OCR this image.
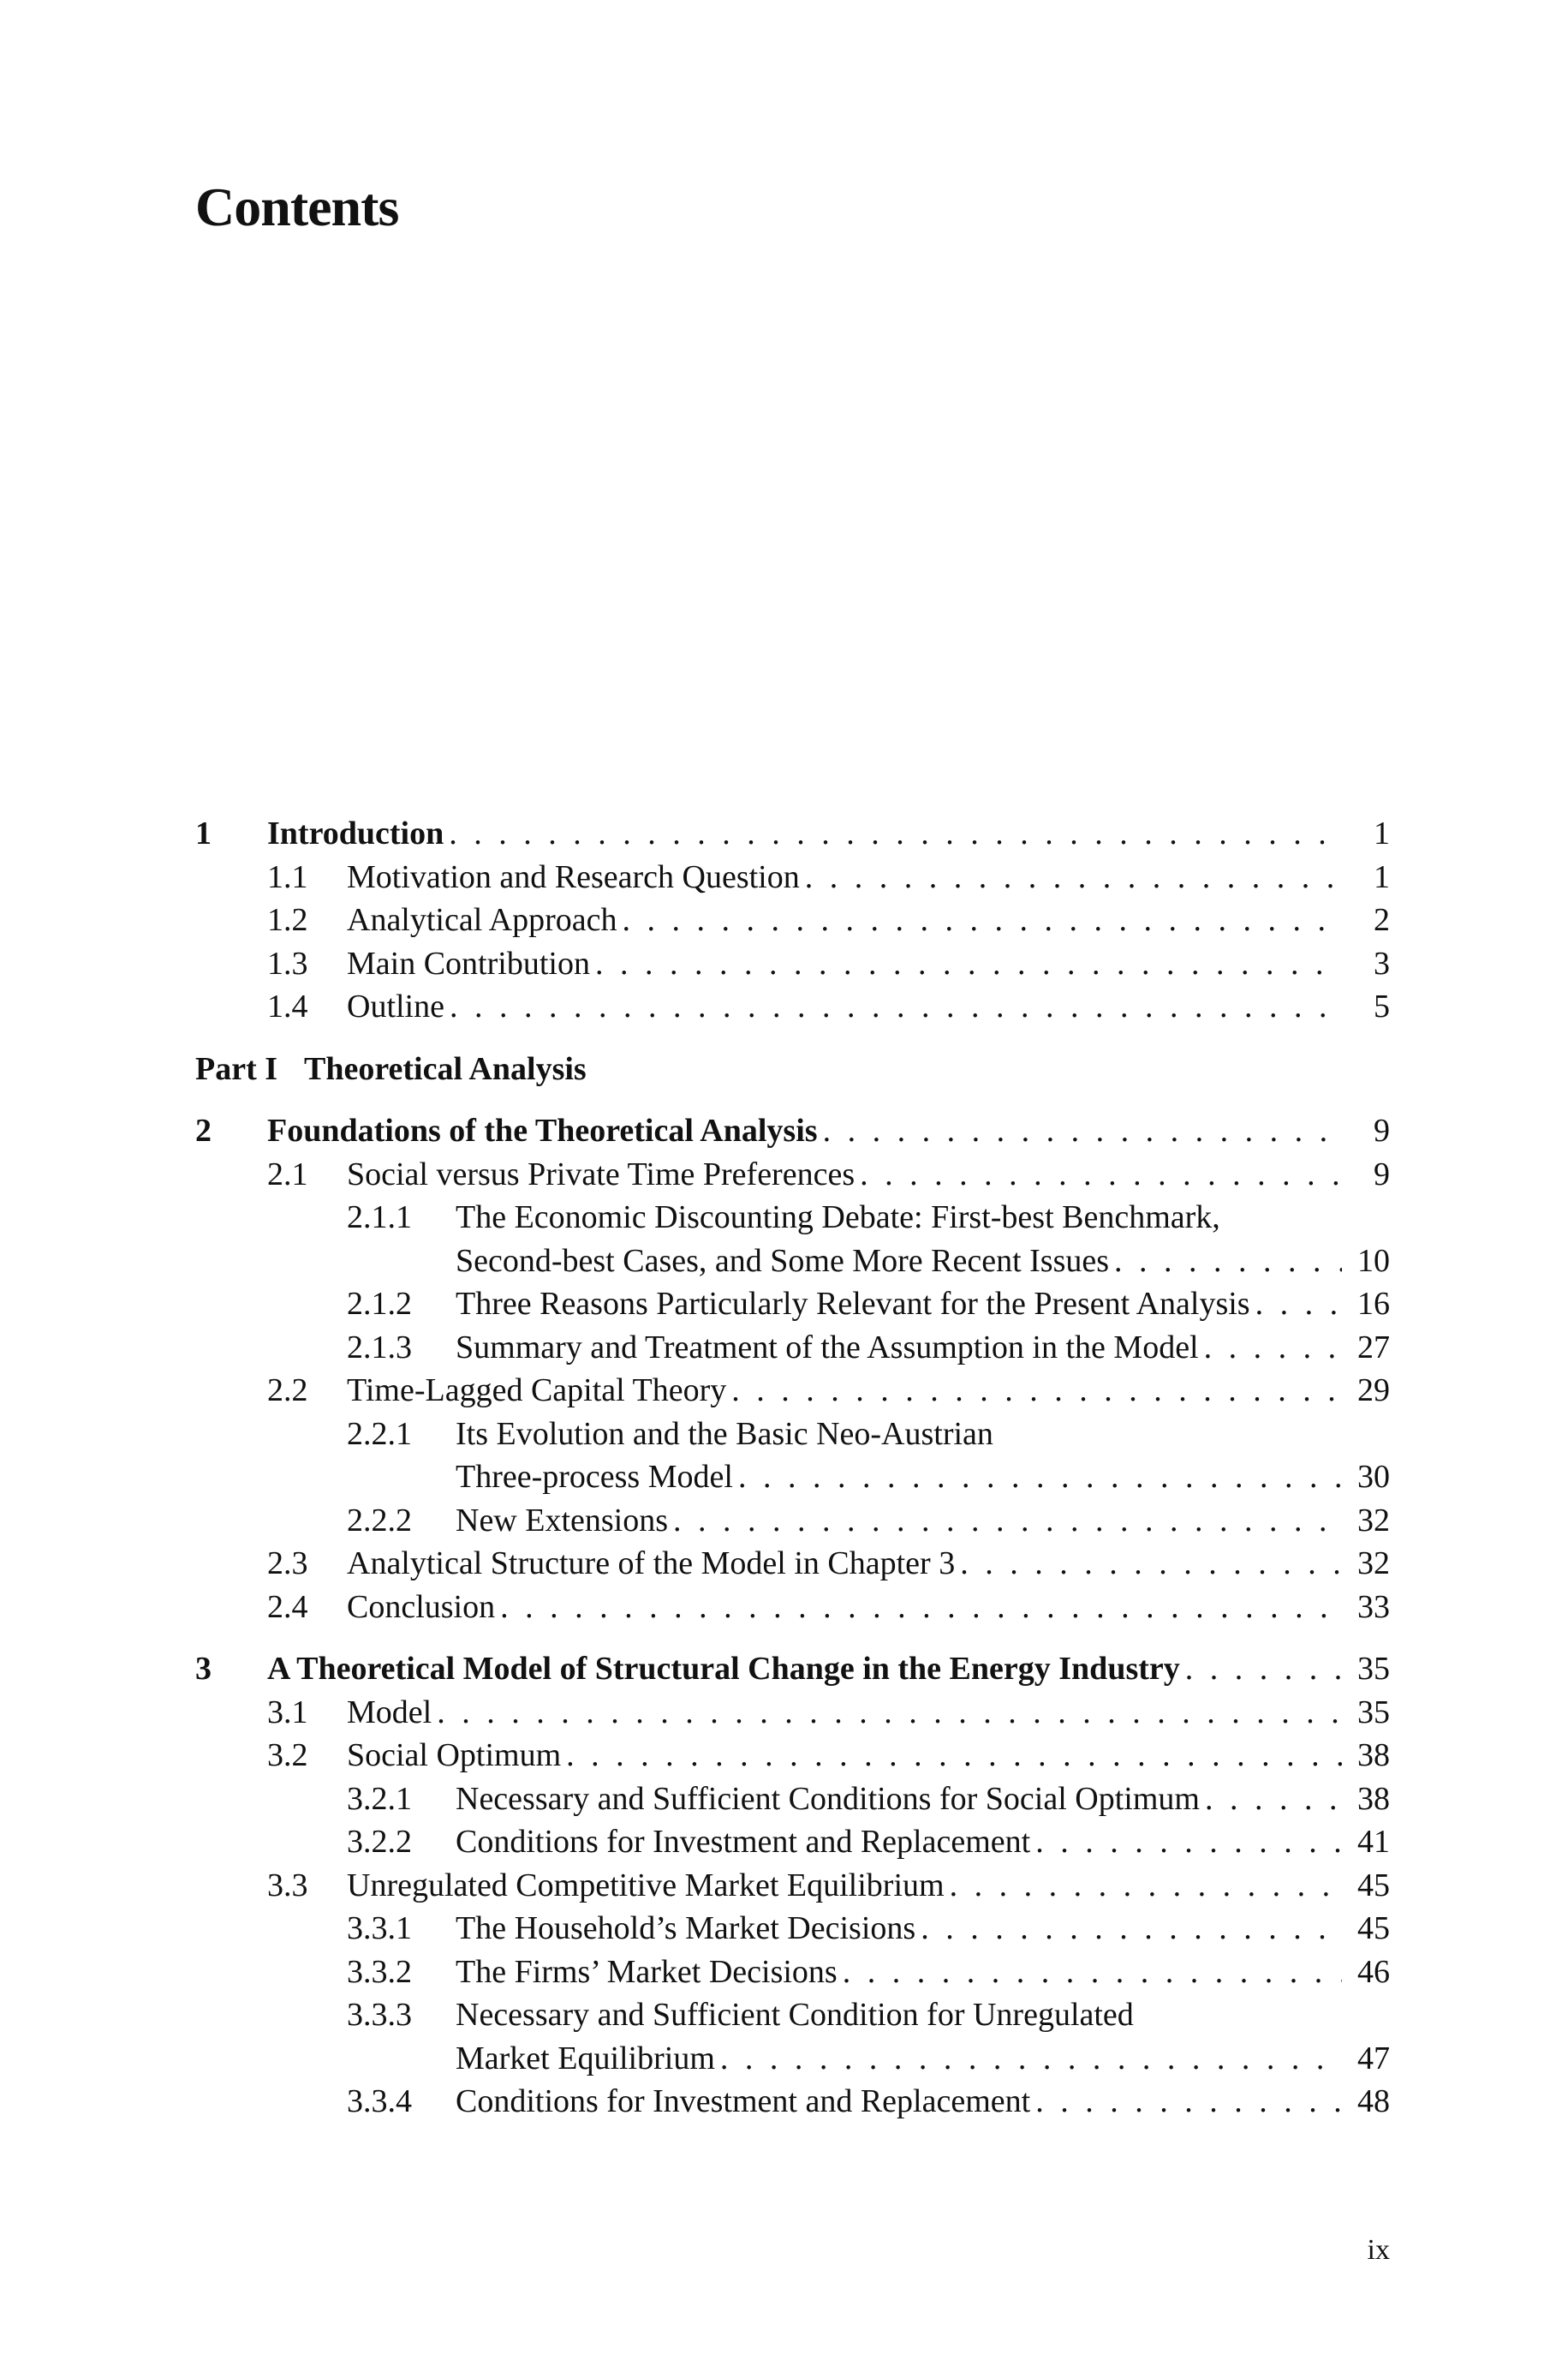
Contents
1 Introduction . . .	1
1.1 Motivation and Research Question . . .	1
1.2 Analytical Approach . . .	2
1.3 Main Contribution . . .	3
1.4 Outline . . .	5
Part I Theoretical Analysis
2 Foundations of the Theoretical Analysis . . .	9
2.1 Social versus Private Time Preferences . . .	9
2.1.1 The Economic Discounting Debate: First-best Benchmark,
Second-best Cases, and Some More Recent Issues . . .	10
2.1.2 Three Reasons Particularly Relevant for the Present Analysis . . .	16
2.1.3 Summary and Treatment of the Assumption in the Model . . .	27
2.2 Time-Lagged Capital Theory . . .	29
2.2.1 Its Evolution and the Basic Neo-Austrian
Three-process Model . . .	30
2.2.2 New Extensions . . .	32
2.3 Analytical Structure of the Model in Chapter 3 . . .	32
2.4 Conclusion . . .	33
3 A Theoretical Model of Structural Change in the Energy Industry . . .	35
3.1 Model . . .	35
3.2 Social Optimum . . .	38
3.2.1 Necessary and Sufficient Conditions for Social Optimum . . .	38
3.2.2 Conditions for Investment and Replacement . . .	41
3.3 Unregulated Competitive Market Equilibrium . . .	45
3.3.1 The Household’s Market Decisions . . .	45
3.3.2 The Firms’ Market Decisions . . .	46
3.3.3 Necessary and Sufficient Condition for Unregulated
Market Equilibrium . . .	47
3.3.4 Conditions for Investment and Replacement . . .	48
ix
